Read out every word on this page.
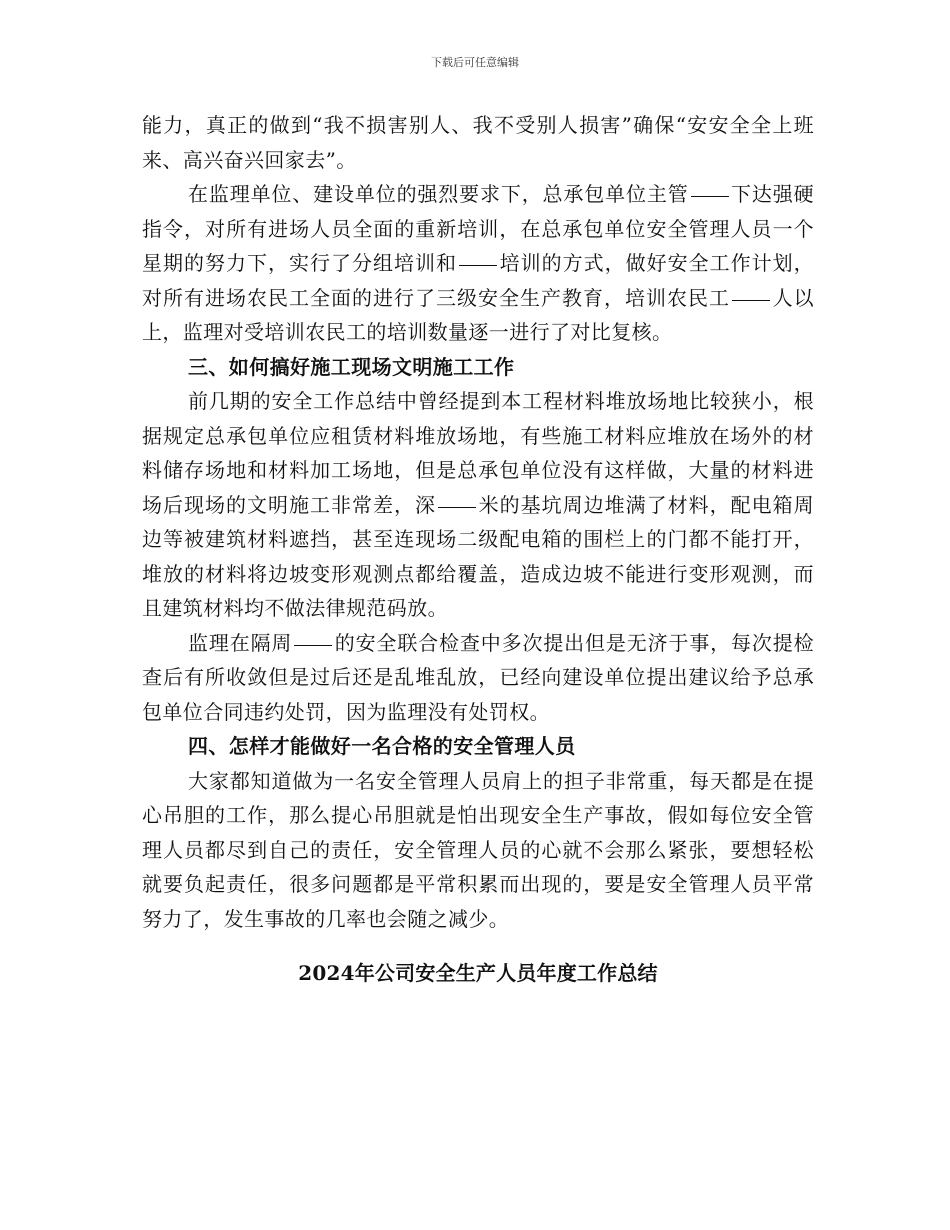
下载后可任意编辑

能力，真正的做到“我不损害别人、我不受别人损害”确保“安安全全上班来、高兴奋兴回家去”。

在监理单位、建设单位的强烈要求下，总承包单位主管 下达强硬指令，对所有进场人员全面的重新培训，在总承包单位安全管理人员一个星期的努力下，实行了分组培训和 培训的方式，做好安全工作计划，对所有进场农民工全面的进行了三级安全生产教育，培训农民工 人以上，监理对受培训农民工的培训数量逐一进行了对比复核。

三、如何搞好施工现场文明施工工作

前几期的安全工作总结中曾经提到本工程材料堆放场地比较狭小，根据规定总承包单位应租赁材料堆放场地，有些施工材料应堆放在场外的材料储存场地和材料加工场地，但是总承包单位没有这样做，大量的材料进场后现场的文明施工非常差，深 米的基坑周边堆满了材料，配电箱周边等被建筑材料遮挡，甚至连现场二级配电箱的围栏上的门都不能打开，堆放的材料将边坡变形观测点都给覆盖，造成边坡不能进行变形观测，而且建筑材料均不做法律规范码放。

监理在隔周 的安全联合检查中多次提出但是无济于事，每次提检查后有所收敛但是过后还是乱堆乱放，已经向建设单位提出建议给予总承包单位合同违约处罚，因为监理没有处罚权。

四、怎样才能做好一名合格的安全管理人员

大家都知道做为一名安全管理人员肩上的担子非常重，每天都是在提心吊胆的工作，那么提心吊胆就是怕出现安全生产事故，假如每位安全管理人员都尽到自己的责任，安全管理人员的心就不会那么紧张，要想轻松就要负起责任，很多问题都是平常积累而出现的，要是安全管理人员平常努力了，发生事故的几率也会随之减少。

2024年公司安全生产人员年度工作总结
